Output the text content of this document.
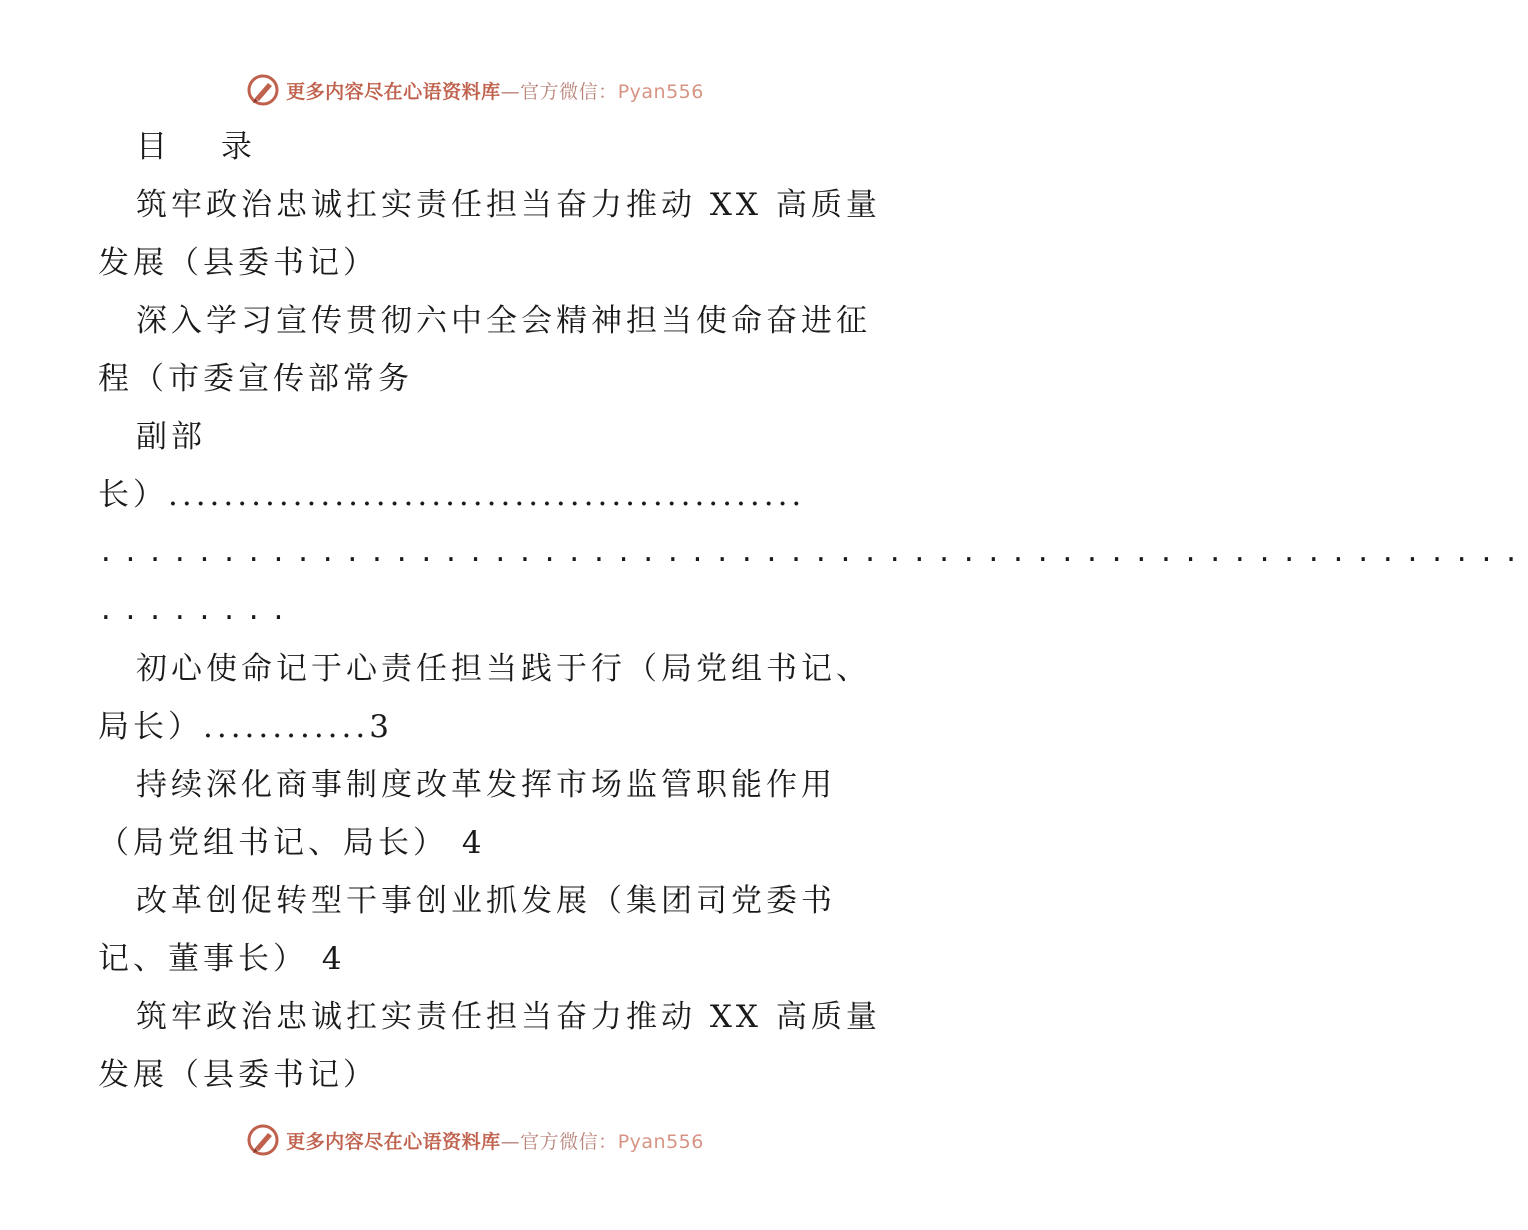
更多内容尽在心语资料库—官方微信：Pyan556
目 录
筑牢政治忠诚扛实责任担当奋力推动 XX 高质量
发展（县委书记）
深入学习宣传贯彻六中全会精神担当使命奋进征
程（市委宣传部常务
副部
长）..............................................
..........................................................
........
初心使命记于心责任担当践于行（局党组书记、
局长）............3
持续深化商事制度改革发挥市场监管职能作用
（局党组书记、局长） 4
改革创促转型干事创业抓发展（集团司党委书
记、董事长） 4
筑牢政治忠诚扛实责任担当奋力推动 XX 高质量
发展（县委书记）
更多内容尽在心语资料库—官方微信：Pyan556
